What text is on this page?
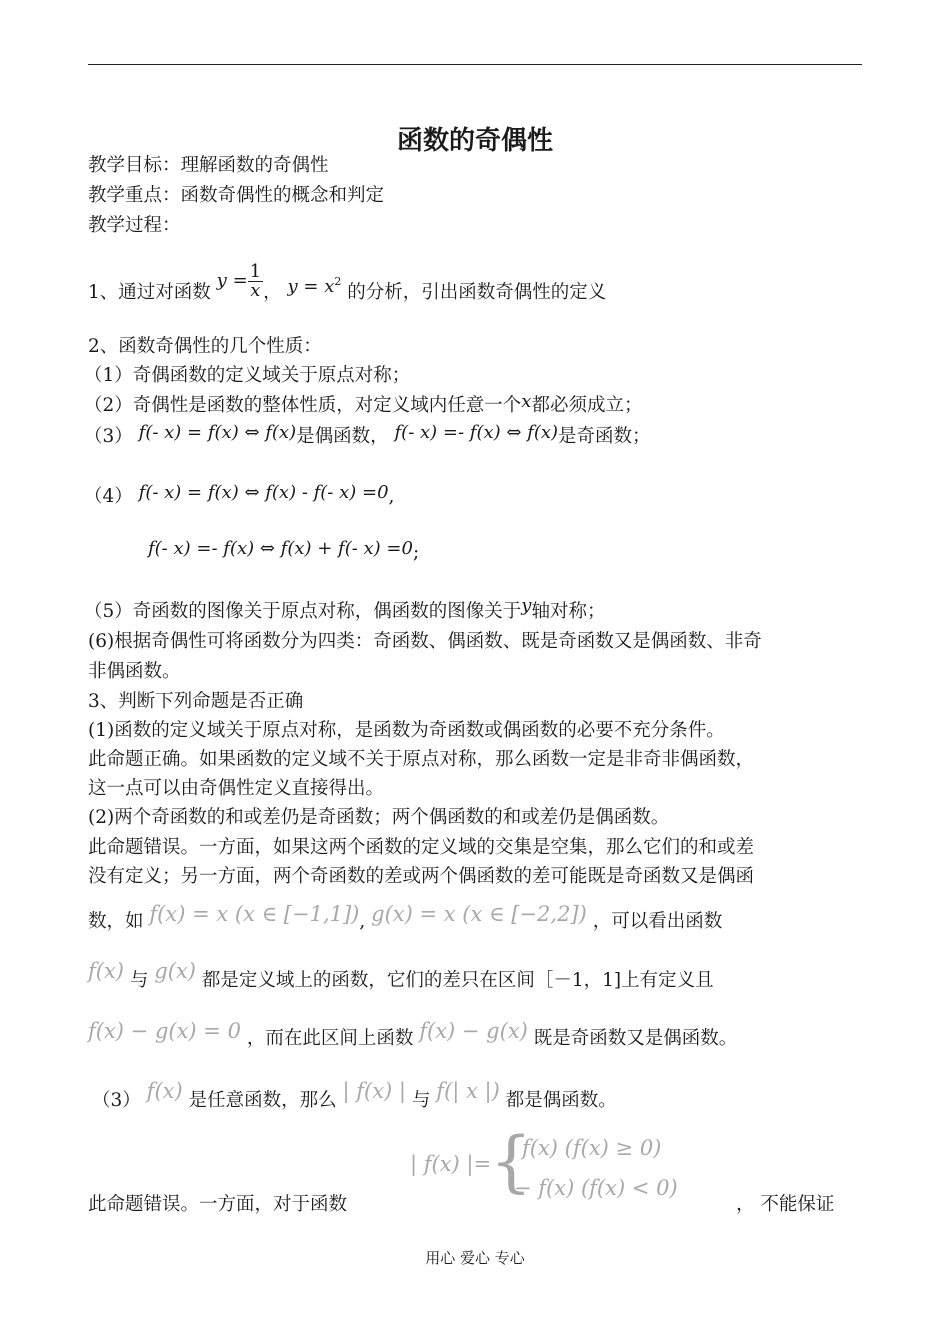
函数的奇偶性
教学目标：理解函数的奇偶性
教学重点：函数奇偶性的概念和判定
教学过程：
1、通过对函数 $y = \frac{1}{x}$ ， $y = x^2$ 的分析，引出函数奇偶性的定义
2、函数奇偶性的几个性质：
（1）奇偶函数的定义域关于原点对称；
（2）奇偶性是函数的整体性质，对定义域内任意一个x都必须成立；
（3） f(- x) = f(x) ⇔ f(x)是偶函数， f(- x) =- f(x) ⇔ f(x)是奇函数；
（4） f(- x) = f(x) ⇔ f(x) - f(- x) =0,
f(- x) =- f(x) ⇔ f(x) + f(- x) =0;
（5）奇函数的图像关于原点对称，偶函数的图像关于y轴对称；
(6)根据奇偶性可将函数分为四类：奇函数、偶函数、既是奇函数又是偶函数、非奇
非偶函数。
3、判断下列命题是否正确
(1)函数的定义域关于原点对称，是函数为奇函数或偶函数的必要不充分条件。
此命题正确。如果函数的定义域不关于原点对称，那么函数一定是非奇非偶函数，
这一点可以由奇偶性定义直接得出。
(2)两个奇函数的和或差仍是奇函数；两个偶函数的和或差仍是偶函数。
此命题错误。一方面，如果这两个函数的定义域的交集是空集，那么它们的和或差
没有定义；另一方面，两个奇函数的差或两个偶函数的差可能既是奇函数又是偶函
数，如 f(x) = x (x ∈ [−1,1]), g(x) = x (x ∈ [−2,2]) ，可以看出函数
f(x) 与 g(x) 都是定义域上的函数，它们的差只在区间［－1，1]上有定义且
f(x) − g(x) = 0 ，而在此区间上函数 f(x) − g(x) 既是奇函数又是偶函数。
（3） f(x) 是任意函数，那么 | f(x) | 与 f(| x |) 都是偶函数。
| f(x) |=
{
f(x) (f(x) ≥ 0)
− f(x) (f(x) < 0)
此命题错误。一方面，对于函数	， 不能保证
用心 爱心 专心
